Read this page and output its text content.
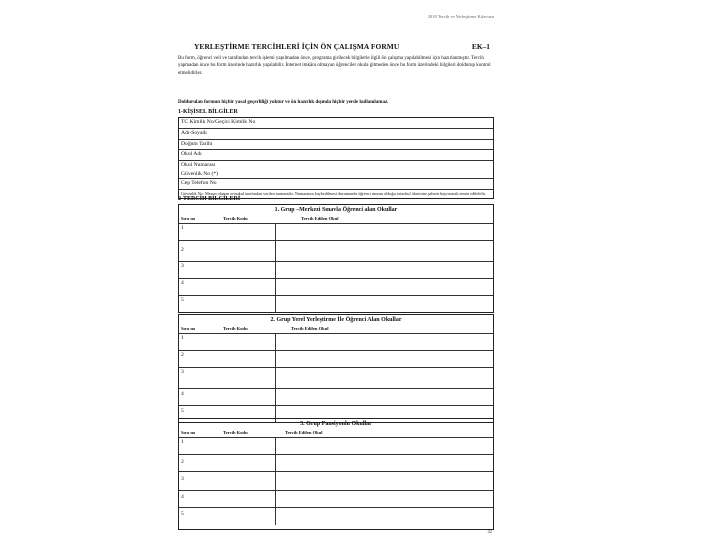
2018 Tercih ve Yerleştirme Kılavuzu
YERLEŞTİRME TERCİHLERİ İÇİN ÖN ÇALIŞMA FORMU	EK–1
Bu form, öğrenci veli ve tarafından tercih işlemi yapılmadan önce, programa girilecek bilgilerle ilgili ön çalışma yapılabilmesi için hazırlanmıştır. Tercih yapmadan önce bu form üzerinde hazırlık yapılabilir. İnternet imkânı olmayan öğrenciler okula gitmeden önce bu form üzerindeki bilgileri doldurup kontrol etmelidirler.
Doldurulan formun hiçbir yasal geçerliliği yoktur ve ön hazırlık dışında hiçbir yerde kullanılamaz.
1-KİŞİSEL BİLGİLER
TC Kimlik No/Geçici Kimlik No
Adı-Soyadı
Doğum Tarihi
Okul Adı
Okul Numarası
Güvenlik No (*)
Cep Telefon No
Güvenlik No: Mezun olunan ortaokul tarafından verilen numaradır. Numaranın kaybedilmesi durumunda öğrenci mezun olduğu ortaokul idaresine şahsen başvurarak temin edilebilir.
2-TERCİH BİLGİLERİ
1. Grup –Merkezi Sınavla Öğrenci alan Okullar
Sıra no	Tercih Kodu	Tercih Edilen Okul
1
2
3
4
5
2. Grup Yerel Yerleştirme İle Öğrenci Alan Okullar
Sıra no	Tercih Kodu	Tercih Edilen Okul
1
2
3
4
5
3. Grup Pansiyonlu Okullar
Sıra no	Tercih Kodu	Tercih Edilen Okul
1
2
3
4
5
42
